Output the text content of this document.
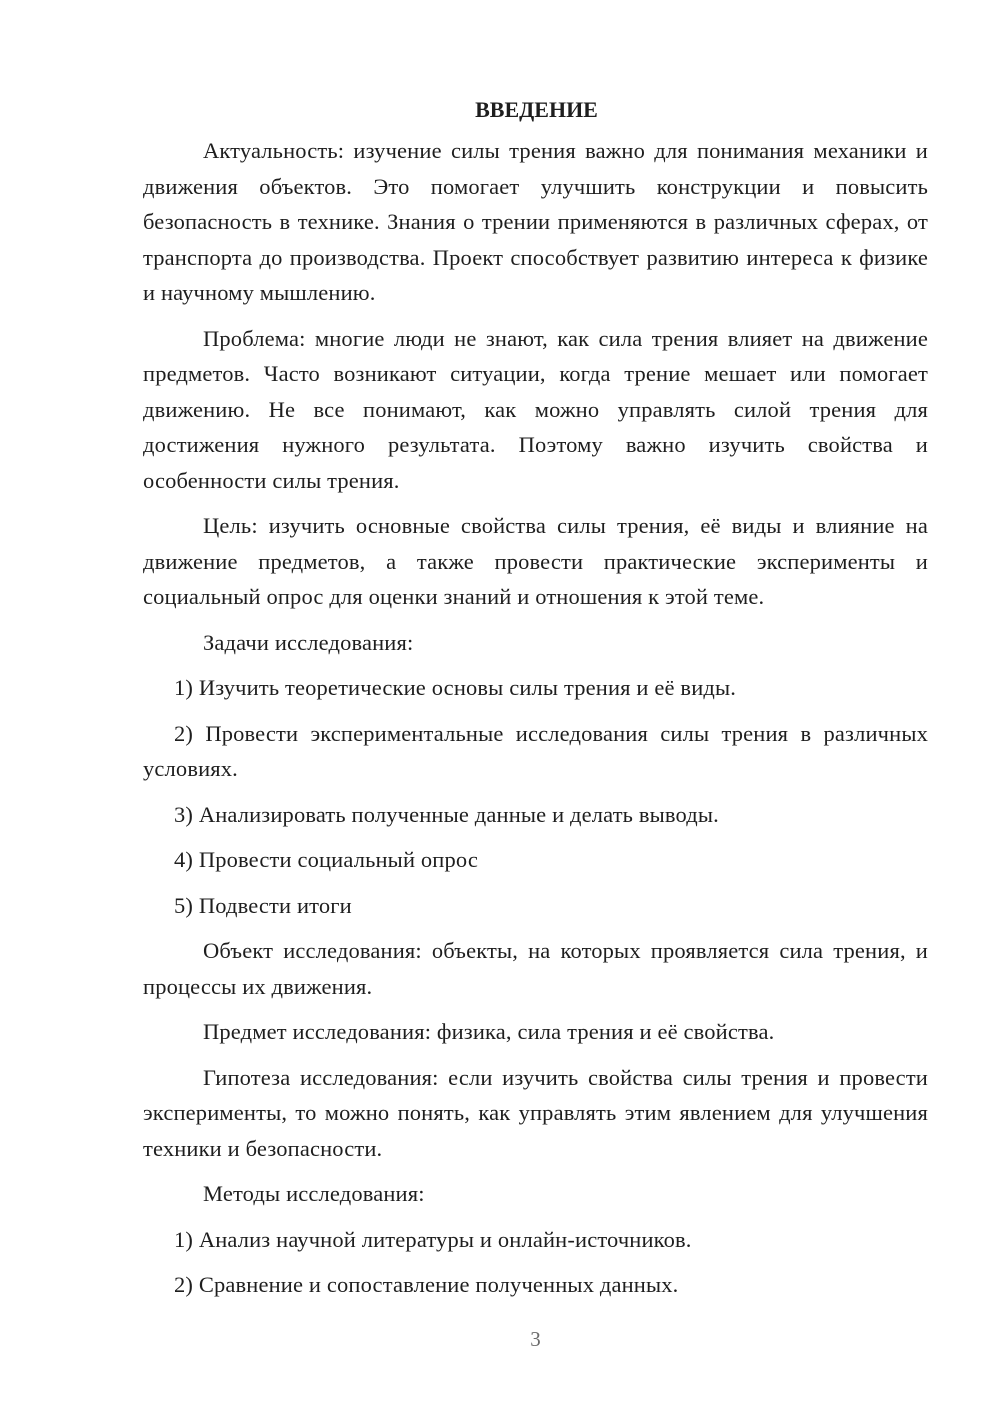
ВВЕДЕНИЕ

Актуальность: изучение силы трения важно для понимания механики и движения объектов. Это помогает улучшить конструкции и повысить безопасность в технике. Знания о трении применяются в различных сферах, от транспорта до производства. Проект способствует развитию интереса к физике и научному мышлению.

Проблема: многие люди не знают, как сила трения влияет на движение предметов. Часто возникают ситуации, когда трение мешает или помогает движению. Не все понимают, как можно управлять силой трения для достижения нужного результата. Поэтому важно изучить свойства и особенности силы трения.

Цель: изучить основные свойства силы трения, её виды и влияние на движение предметов, а также провести практические эксперименты и социальный опрос для оценки знаний и отношения к этой теме.

Задачи исследования:

1) Изучить теоретические основы силы трения и её виды.

2) Провести экспериментальные исследования силы трения в различных условиях.

3) Анализировать полученные данные и делать выводы.

4) Провести социальный опрос

5) Подвести итоги

Объект исследования: объекты, на которых проявляется сила трения, и процессы их движения.

Предмет исследования: физика, сила трения и её свойства.

Гипотеза исследования: если изучить свойства силы трения и провести эксперименты, то можно понять, как управлять этим явлением для улучшения техники и безопасности.

Методы исследования:

1) Анализ научной литературы и онлайн-источников.

2) Сравнение и сопоставление полученных данных.

3
